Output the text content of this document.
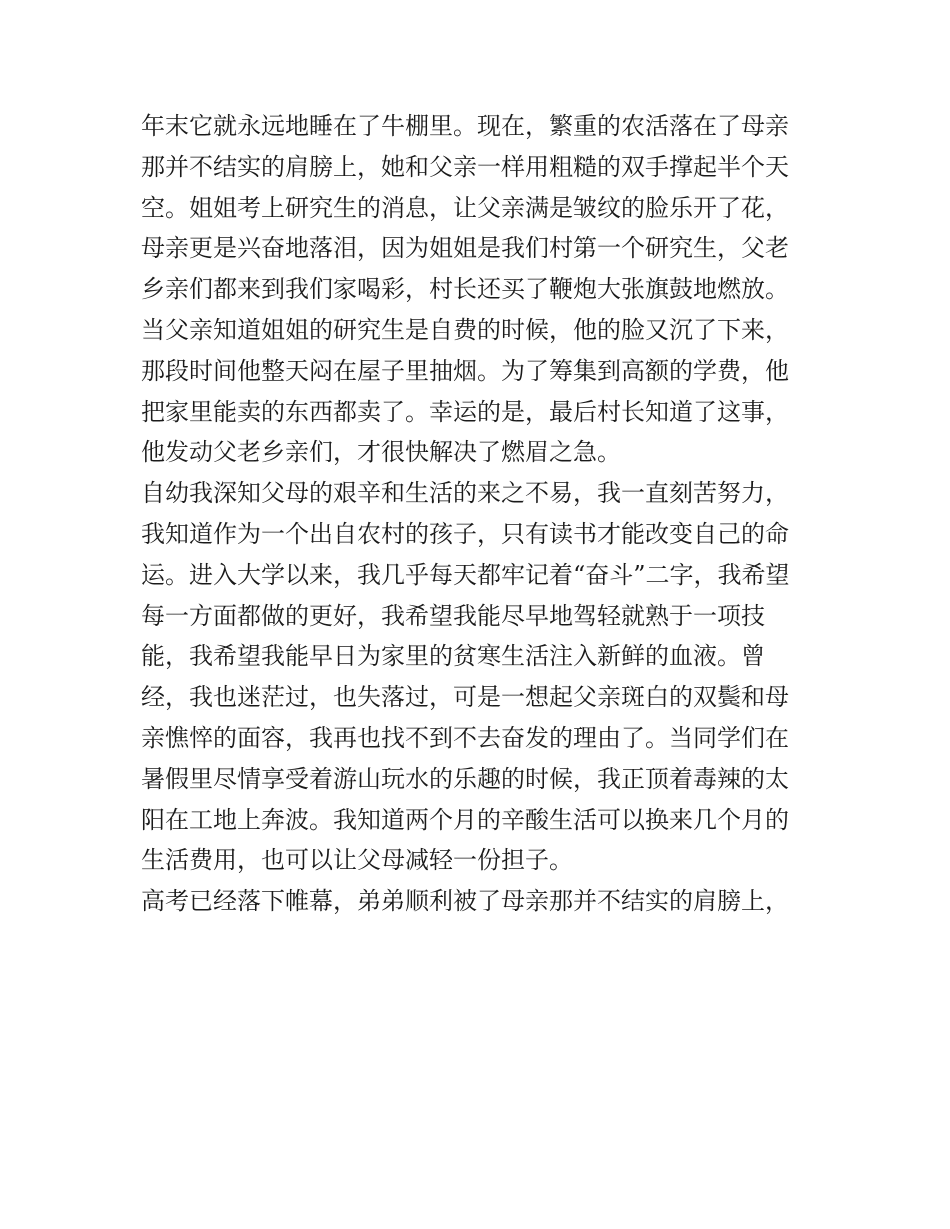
年末它就永远地睡在了牛棚里。现在，繁重的农活落在了母亲
那并不结实的肩膀上，她和父亲一样用粗糙的双手撑起半个天
空。姐姐考上研究生的消息，让父亲满是皱纹的脸乐开了花，
母亲更是兴奋地落泪，因为姐姐是我们村第一个研究生，父老
乡亲们都来到我们家喝彩，村长还买了鞭炮大张旗鼓地燃放。
当父亲知道姐姐的研究生是自费的时候，他的脸又沉了下来，
那段时间他整天闷在屋子里抽烟。为了筹集到高额的学费，他
把家里能卖的东西都卖了。幸运的是，最后村长知道了这事，
他发动父老乡亲们，才很快解决了燃眉之急。
自幼我深知父母的艰辛和生活的来之不易，我一直刻苦努力，
我知道作为一个出自农村的孩子，只有读书才能改变自己的命
运。进入大学以来，我几乎每天都牢记着“奋斗”二字，我希望
每一方面都做的更好，我希望我能尽早地驾轻就熟于一项技
能，我希望我能早日为家里的贫寒生活注入新鲜的血液。曾
经，我也迷茫过，也失落过，可是一想起父亲斑白的双鬓和母
亲憔悴的面容，我再也找不到不去奋发的理由了。当同学们在
暑假里尽情享受着游山玩水的乐趣的时候，我正顶着毒辣的太
阳在工地上奔波。我知道两个月的辛酸生活可以换来几个月的
生活费用，也可以让父母减轻一份担子。
高考已经落下帷幕，弟弟顺利被了母亲那并不结实的肩膀上，
